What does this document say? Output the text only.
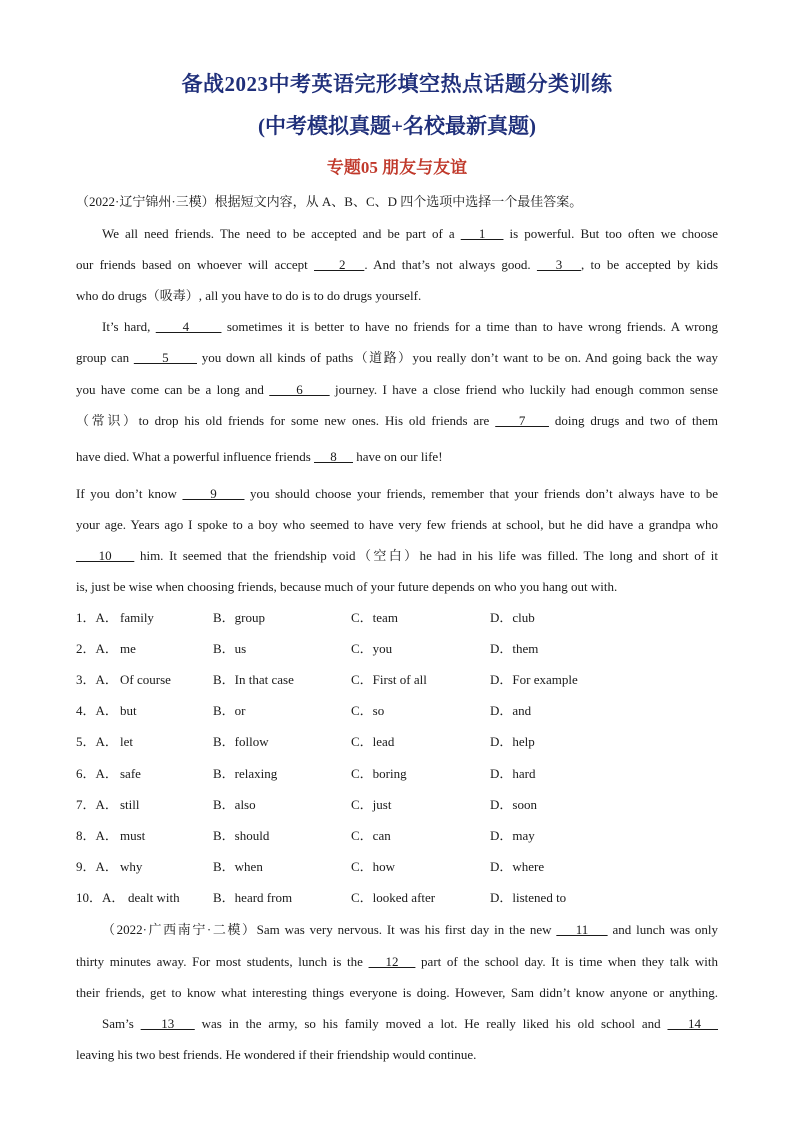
备战2023中考英语完形填空热点话题分类训练
(中考模拟真题+名校最新真题)
专题05 朋友与友谊
（2022·辽宁锦州·三模）根据短文内容，从 A、B、C、D 四个选项中选择一个最佳答案。
We all need friends. The need to be accepted and be part of a    1    is powerful. But too often we choose
our friends based on whoever will accept     2   . And that’s not always good.    3   , to be accepted by kids
who do drugs（吸毒）, all you have to do is to do drugs yourself.
It’s hard,      4       sometimes it is better to have no friends for a time than to have wrong friends. A wrong
group can       5       you down all kinds of paths（道路）you really don’t want to be on. And going back the way
you have come can be a long and      6      journey. I have a close friend who luckily had enough common sense
（常识）to drop his old friends for some new ones. His old friends are     7     doing drugs and two of them
have died. What a powerful influence friends      8      have on our life!
If you don’t know      9      you should choose your friends, remember that your friends don’t always have to be
your age. Years ago I spoke to a boy who seemed to have very few friends at school, but he did have a grandpa who
10     him. It seemed that the friendship void（空白）he had in his life was filled. The long and short of it
is, just be wise when choosing friends, because much of your future depends on who you hang out with.
1．A． family	B．group	C．team	D．club
2．A． me	B．us	C．you	D．them
3．A． Of course	B．In that case	C．First of all	D．For example
4．A． but	B．or	C．so	D．and
5．A． let	B．follow	C．lead	D．help
6．A． safe	B．relaxing	C．boring	D．hard
7．A． still	B．also	C．just	D．soon
8．A． must	B．should	C．can	D．may
9．A． why	B．when	C．how	D．where
10．A． dealt with	B．heard from	C．looked after	D．listened to
（2022·广西南宁·二模）Sam was very nervous. It was his first day in the new     11     and lunch was only
thirty minutes away. For most students, lunch is the    12    part of the school day. It is time when they talk with
their friends, get to know what interesting things everyone is doing. However, Sam didn’t know anyone or anything.
Sam’s    13    was in the army, so his family moved a lot. He really liked his old school and    14
leaving his two best friends. He wondered if their friendship would continue.
